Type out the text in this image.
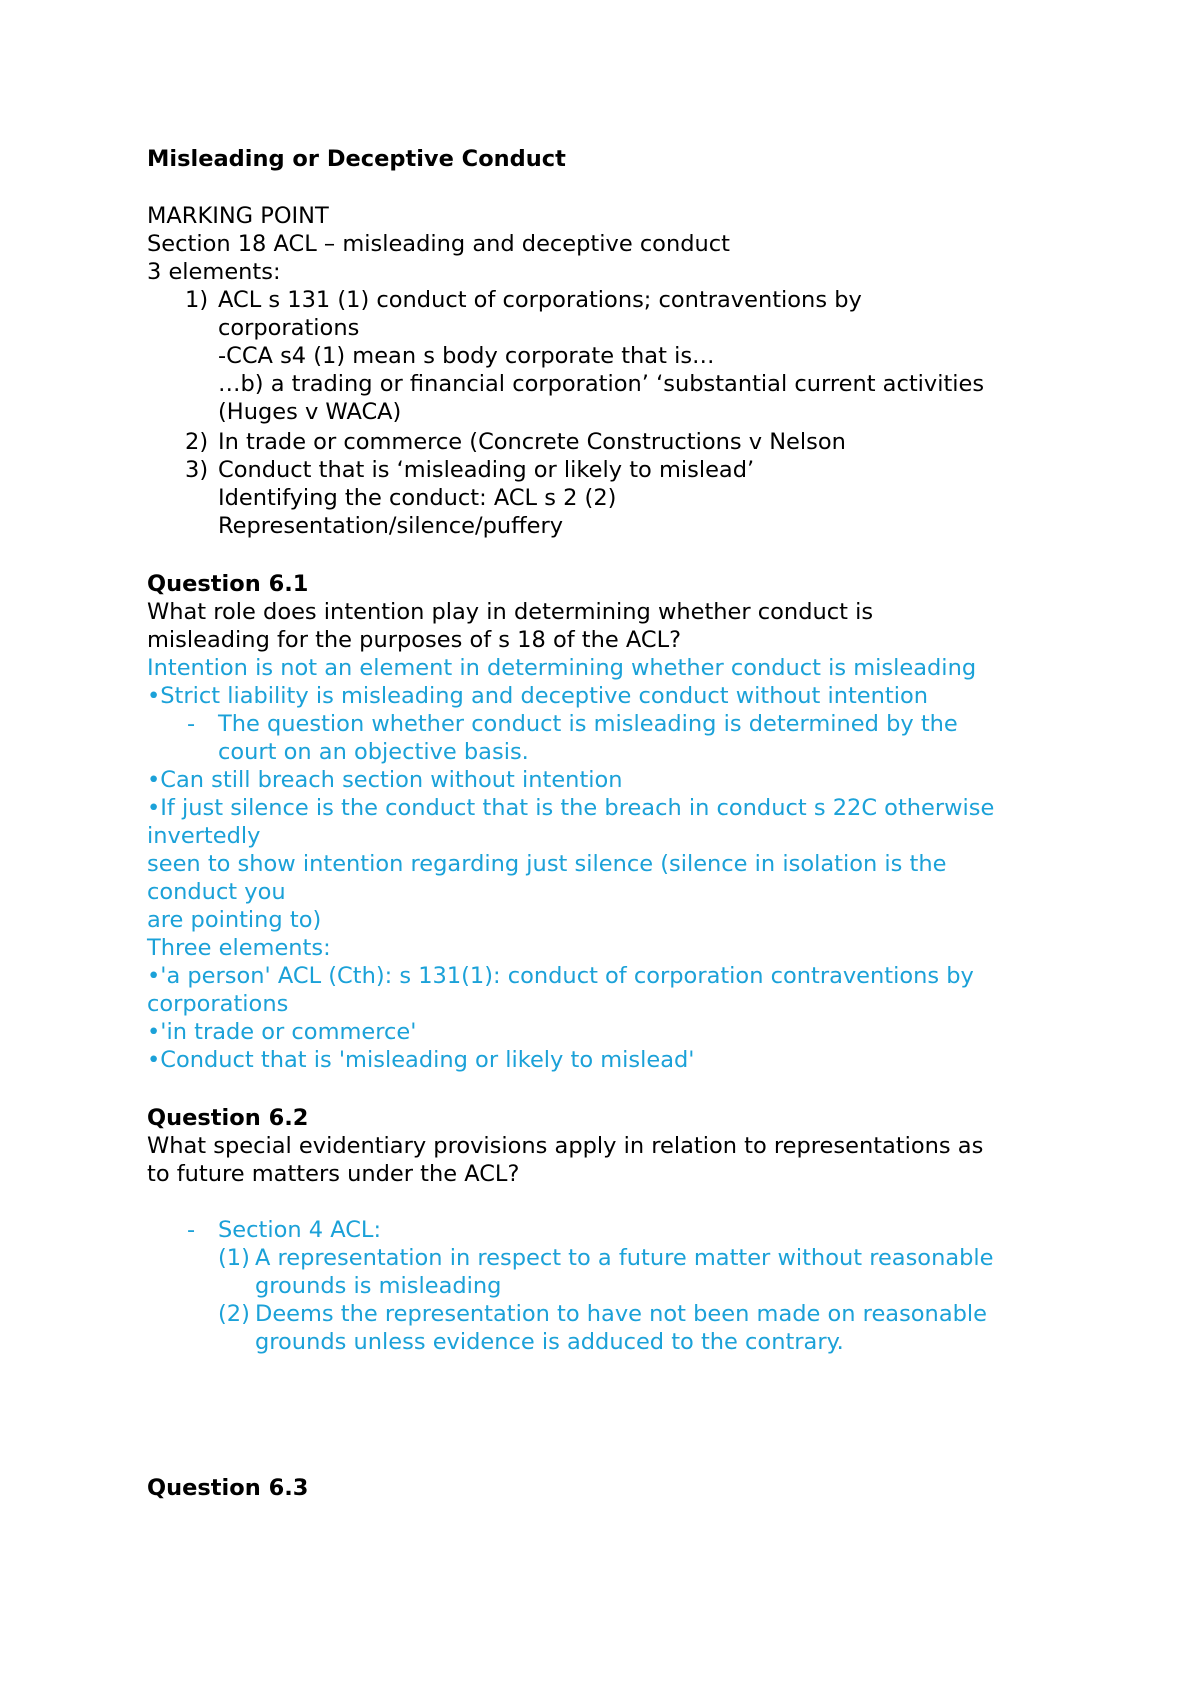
Misleading or Deceptive Conduct
MARKING POINT
Section 18 ACL – misleading and deceptive conduct
3 elements:
1) ACL s 131 (1) conduct of corporations; contraventions by
corporations
-CCA s4 (1) mean s body corporate that is…
…b) a trading or financial corporation’ ‘substantial current activities
(Huges v WACA)
2) In trade or commerce (Concrete Constructions v Nelson
3) Conduct that is ‘misleading or likely to mislead’
Identifying the conduct: ACL s 2 (2)
Representation/silence/puffery
Question 6.1
What role does intention play in determining whether conduct is
misleading for the purposes of s 18 of the ACL?
Intention is not an element in determining whether conduct is misleading
•Strict liability is misleading and deceptive conduct without intention
- The question whether conduct is misleading is determined by the
court on an objective basis.
•Can still breach section without intention
•If just silence is the conduct that is the breach in conduct s 22C otherwise
invertedly
seen to show intention regarding just silence (silence in isolation is the
conduct you
are pointing to)
Three elements:
•'a person' ACL (Cth): s 131(1): conduct of corporation contraventions by
corporations
•'in trade or commerce'
•Conduct that is 'misleading or likely to mislead'
Question 6.2
What special evidentiary provisions apply in relation to representations as
to future matters under the ACL?
- Section 4 ACL:
(1) A representation in respect to a future matter without reasonable
grounds is misleading
(2) Deems the representation to have not been made on reasonable
grounds unless evidence is adduced to the contrary.
Question 6.3
